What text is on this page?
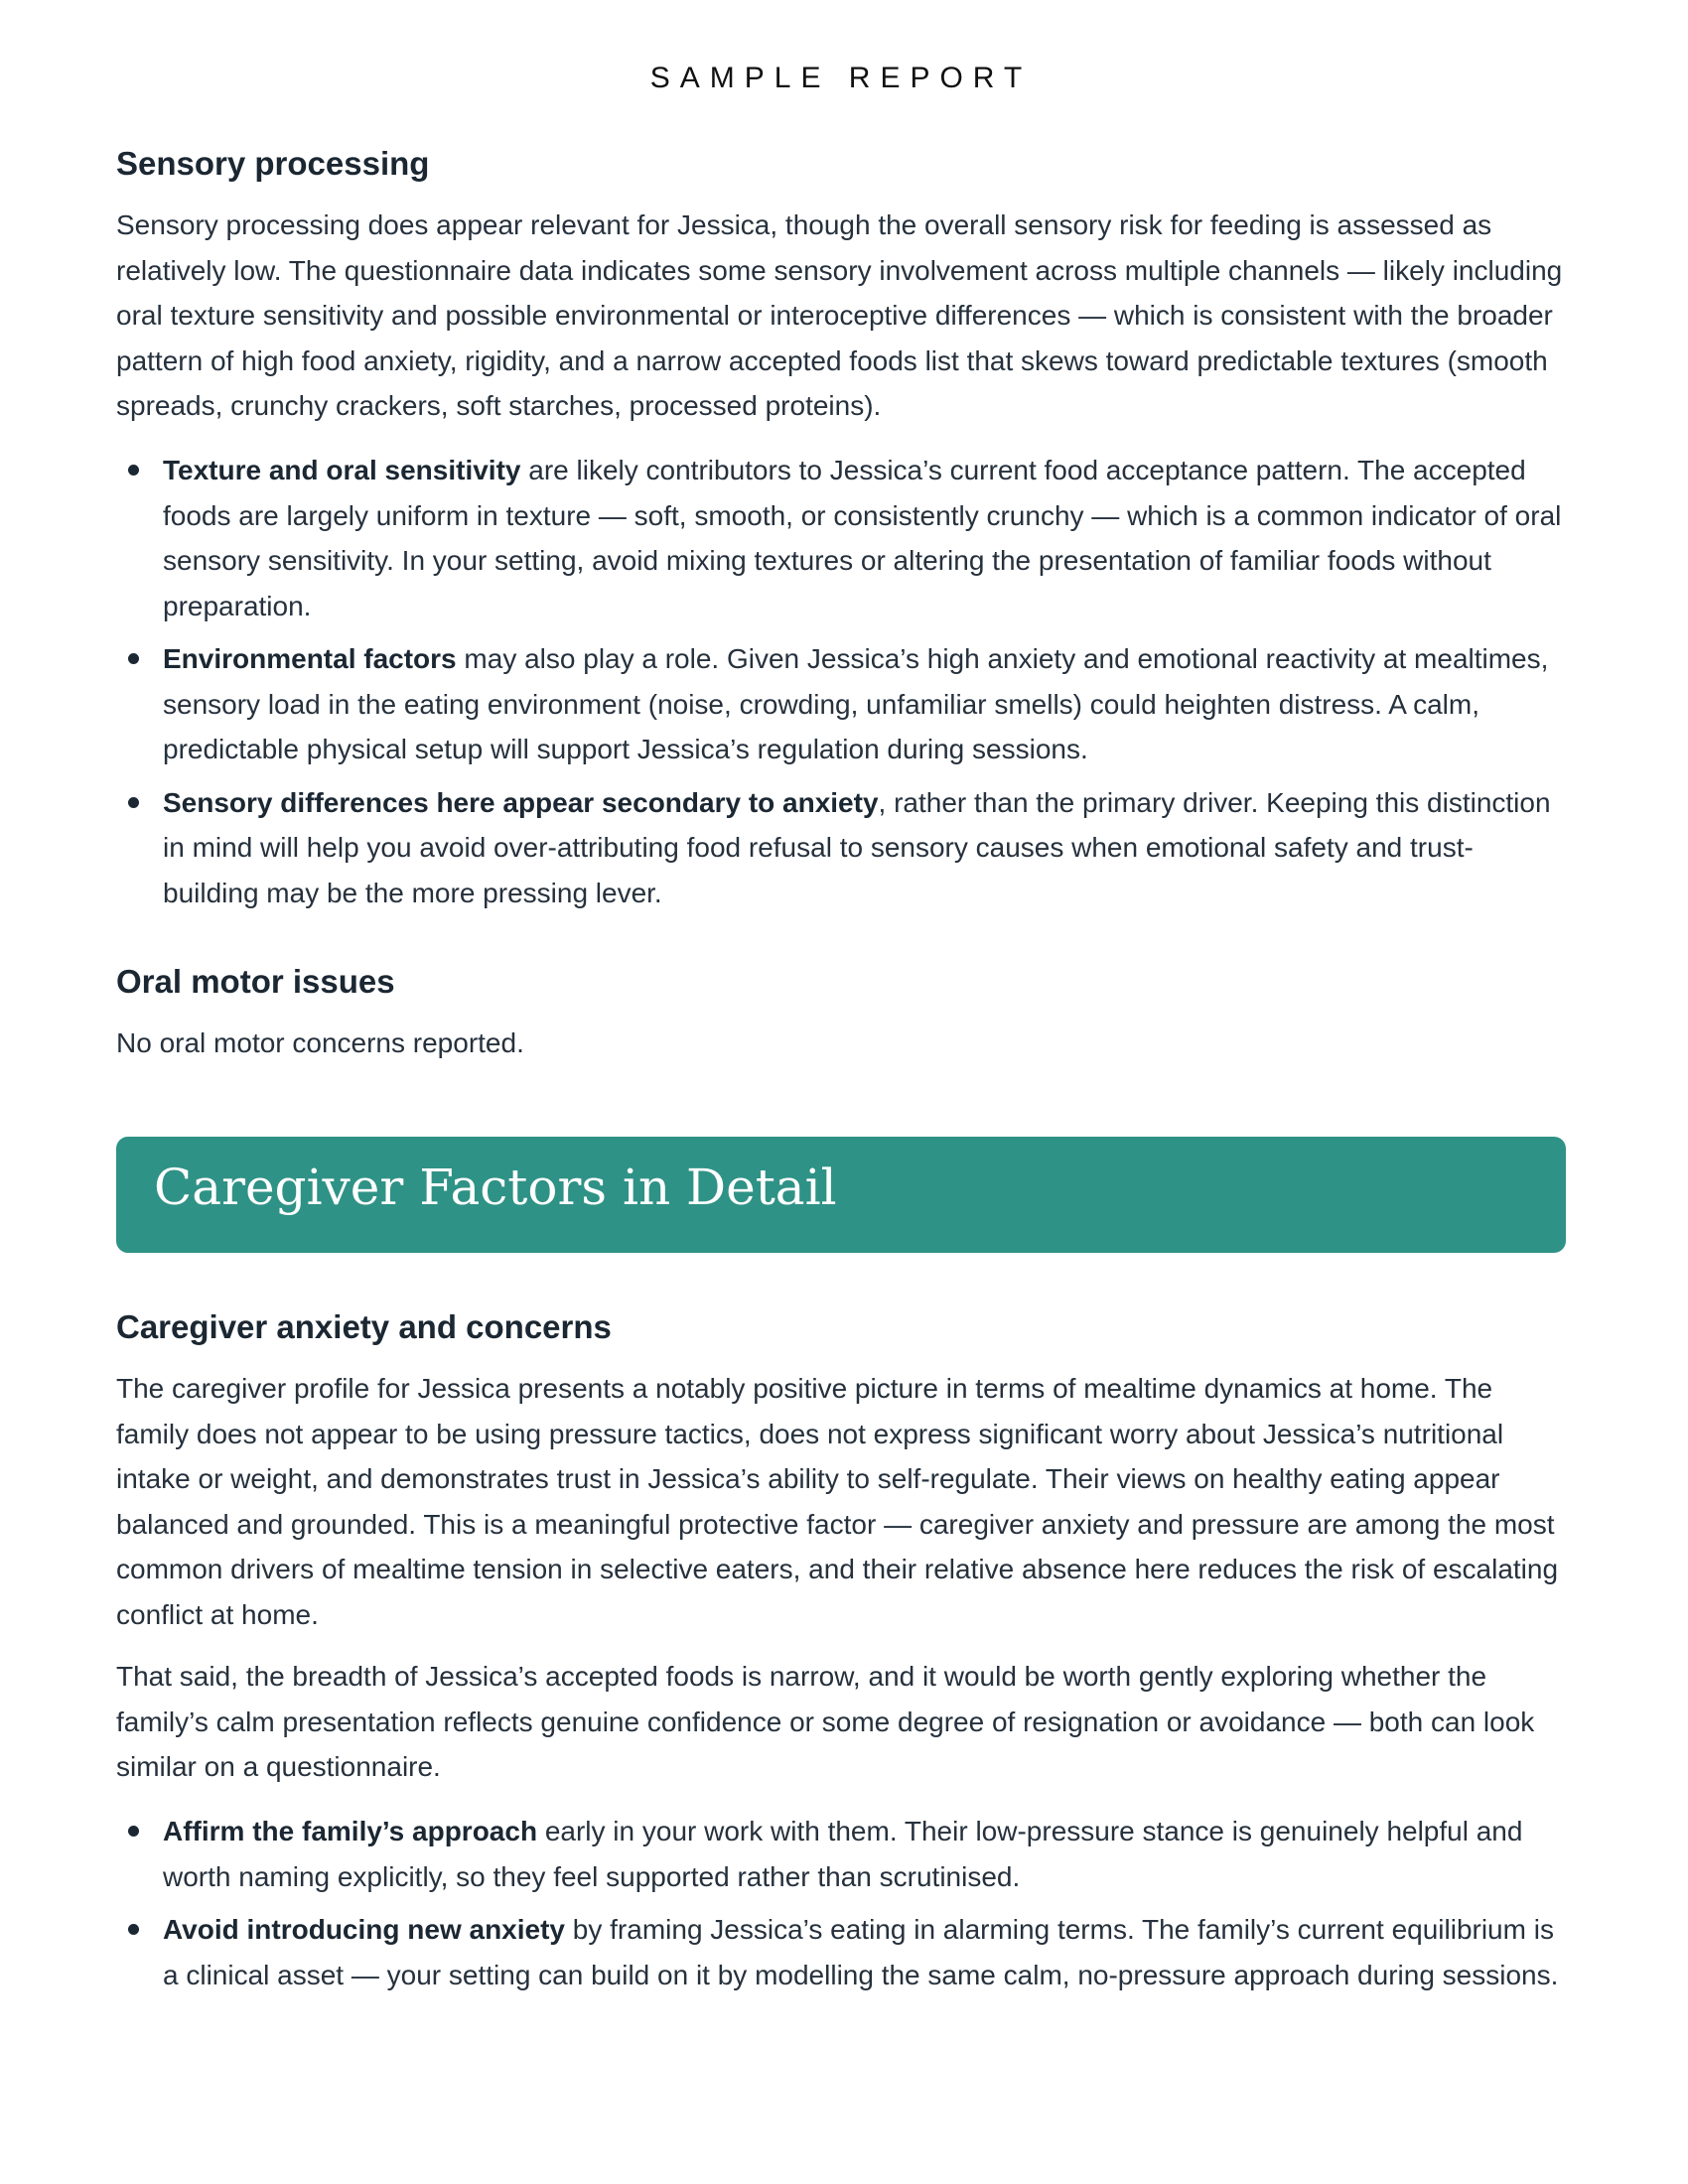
SAMPLE REPORT
Sensory processing

Sensory processing does appear relevant for Jessica, though the overall sensory risk for feeding is assessed as relatively low. The questionnaire data indicates some sensory involvement across multiple channels — likely including oral texture sensitivity and possible environmental or interoceptive differences — which is consistent with the broader pattern of high food anxiety, rigidity, and a narrow accepted foods list that skews toward predictable textures (smooth spreads, crunchy crackers, soft starches, processed proteins).

Texture and oral sensitivity are likely contributors to Jessica’s current food acceptance pattern. The accepted foods are largely uniform in texture — soft, smooth, or consistently crunchy — which is a common indicator of oral sensory sensitivity. In your setting, avoid mixing textures or altering the presentation of familiar foods without preparation.
Environmental factors may also play a role. Given Jessica’s high anxiety and emotional reactivity at mealtimes, sensory load in the eating environment (noise, crowding, unfamiliar smells) could heighten distress. A calm, predictable physical setup will support Jessica’s regulation during sessions.
Sensory differences here appear secondary to anxiety, rather than the primary driver. Keeping this distinction in mind will help you avoid over-attributing food refusal to sensory causes when emotional safety and trust-building may be the more pressing lever.
Oral motor issues

No oral motor concerns reported.

Caregiver Factors in Detail
Caregiver anxiety and concerns

The caregiver profile for Jessica presents a notably positive picture in terms of mealtime dynamics at home. The family does not appear to be using pressure tactics, does not express significant worry about Jessica’s nutritional intake or weight, and demonstrates trust in Jessica’s ability to self-regulate. Their views on healthy eating appear balanced and grounded. This is a meaningful protective factor — caregiver anxiety and pressure are among the most common drivers of mealtime tension in selective eaters, and their relative absence here reduces the risk of escalating conflict at home.

That said, the breadth of Jessica’s accepted foods is narrow, and it would be worth gently exploring whether the family’s calm presentation reflects genuine confidence or some degree of resignation or avoidance — both can look similar on a questionnaire.

Affirm the family’s approach early in your work with them. Their low-pressure stance is genuinely helpful and worth naming explicitly, so they feel supported rather than scrutinised.
Avoid introducing new anxiety by framing Jessica’s eating in alarming terms. The family’s current equilibrium is a clinical asset — your setting can build on it by modelling the same calm, no-pressure approach during sessions.
